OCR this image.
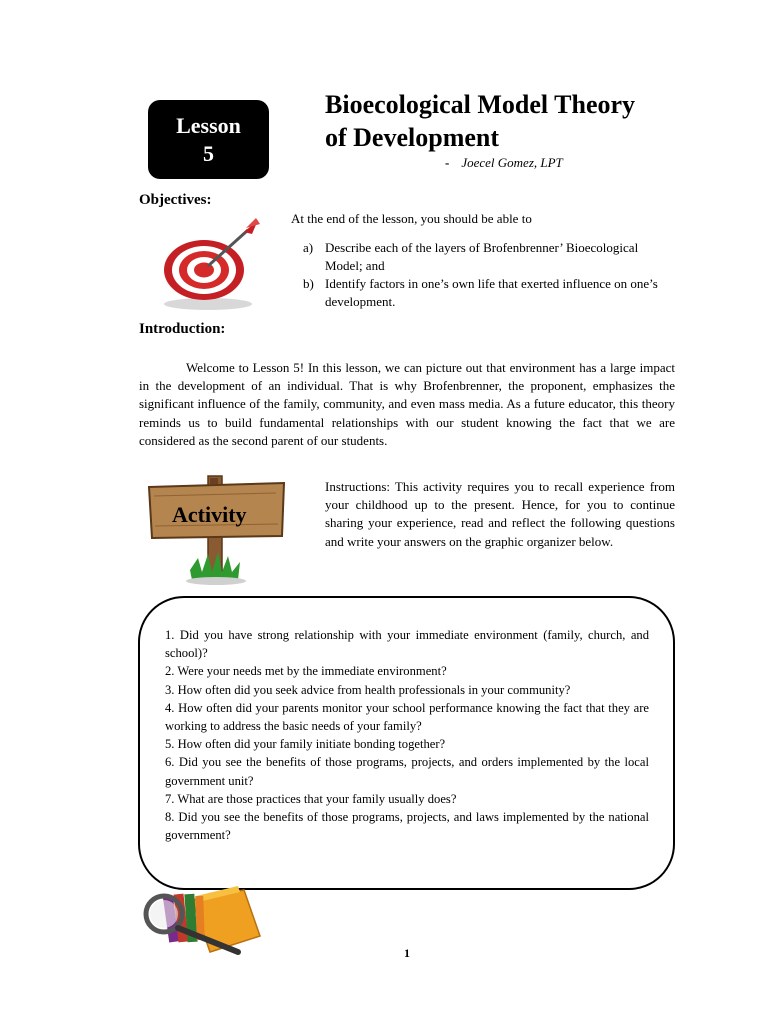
Lesson
5
Bioecological Model Theory
of Development
- Joecel Gomez, LPT
Objectives:
At the end of the lesson, you should be able to
a) Describe each of the layers of Brofenbrenner’ Bioecological Model; and
b) Identify factors in one’s own life that exerted influence on one’s development.
Introduction:

Welcome to Lesson 5! In this lesson, we can picture out that environment has a large impact in the development of an individual. That is why Brofenbrenner, the proponent, emphasizes the significant influence of the family, community, and even mass media. As a future educator, this theory reminds us to build fundamental relationships with our student knowing the fact that we are considered as the second parent of our students.

Activity
Instructions: This activity requires you to recall experience from your childhood up to the present. Hence, for you to continue sharing your experience, read and reflect the following questions and write your answers on the graphic organizer below.
1. Did you have strong relationship with your immediate environment (family, church, and school)?
2. Were your needs met by the immediate environment?
3. How often did you seek advice from health professionals in your community?
4. How often did your parents monitor your school performance knowing the fact that they are working to address the basic needs of your family?
5. How often did your family initiate bonding together?
6. Did you see the benefits of those programs, projects, and orders implemented by the local government unit?
7. What are those practices that your family usually does?
8. Did you see the benefits of those programs, projects, and laws implemented by the national government?
1
